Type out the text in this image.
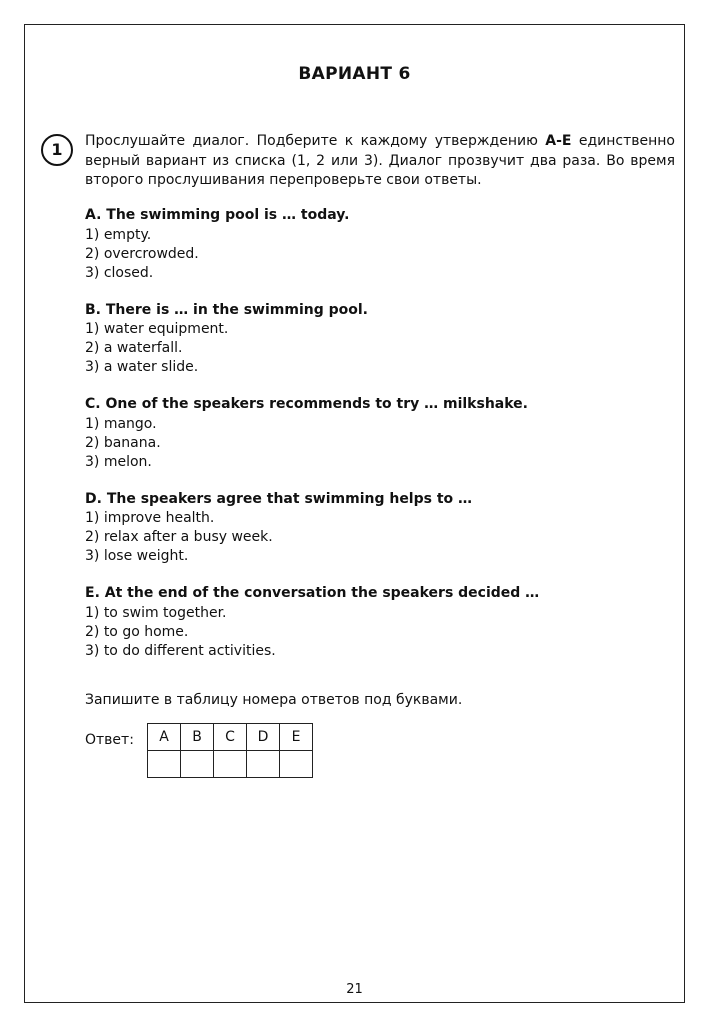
ВАРИАНТ 6
1	Прослушайте диалог. Подберите к каждому утверждению A-E единственно верный вариант из списка (1, 2 или 3). Диалог прозвучит два раза. Во время второго прослушивания перепроверьте свои ответы.
A. The swimming pool is … today.
1) empty.
2) overcrowded.
3) closed.
B. There is … in the swimming pool.
1) water equipment.
2) a waterfall.
3) a water slide.
C. One of the speakers recommends to try … milkshake.
1) mango.
2) banana.
3) melon.
D. The speakers agree that swimming helps to …
1) improve health.
2) relax after a busy week.
3) lose weight.
E. At the end of the conversation the speakers decided …
1) to swim together.
2) to go home.
3) to do different activities.
Запишите в таблицу номера ответов под буквами.
Ответ: A	B	C	D	E

21
